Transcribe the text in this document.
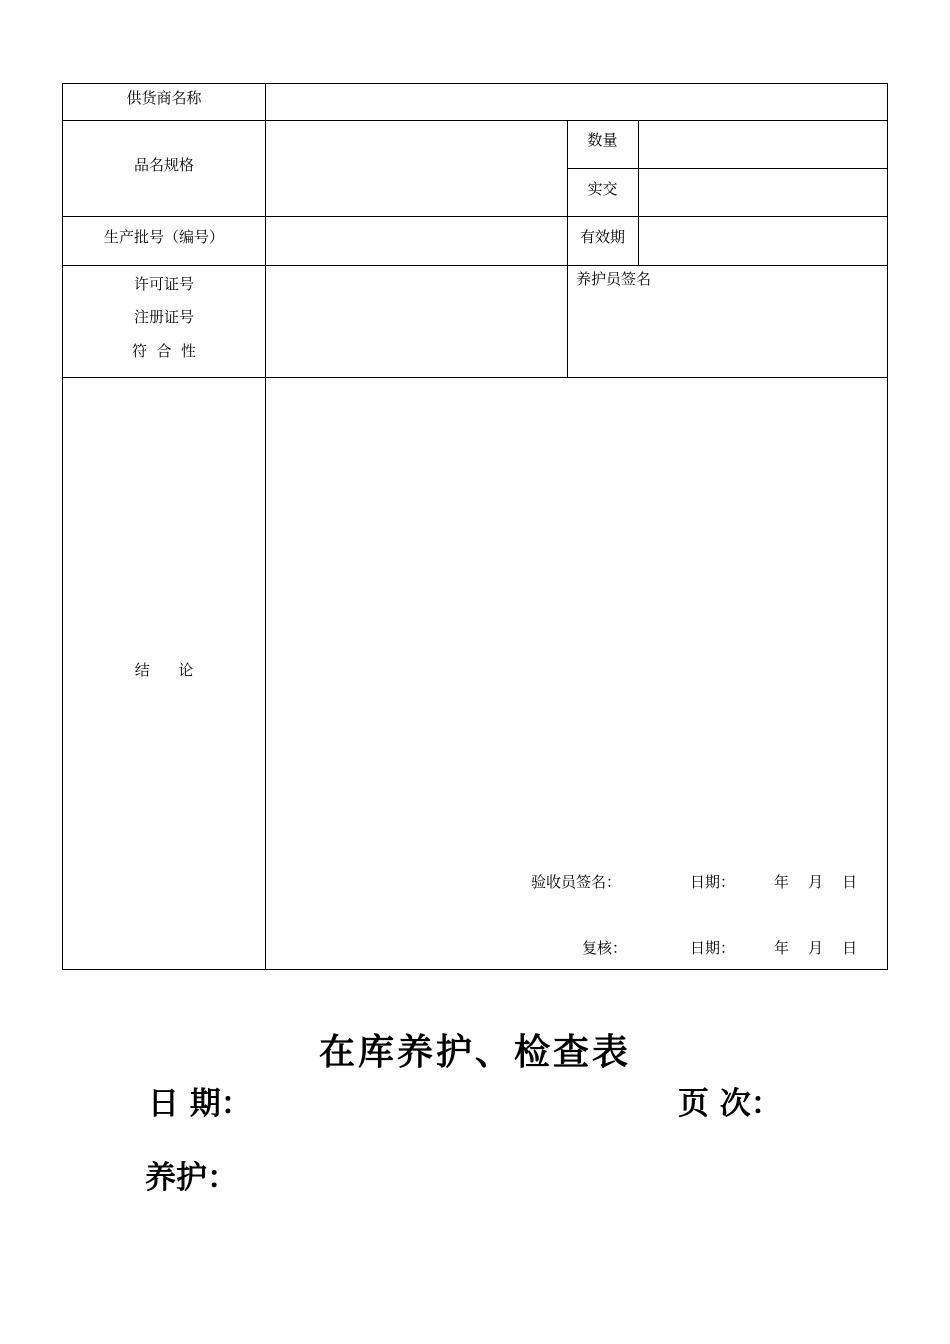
供货商名称
品名规格
数量
实交
生产批号（编号）	有效期
许可证号
注册证号
符  合  性
养护员签名
结      论
验收员签名：	日期：	年    月    日
复核：	日期：	年    月    日
在库养护、检查表
日 期：	页 次：
养护：
